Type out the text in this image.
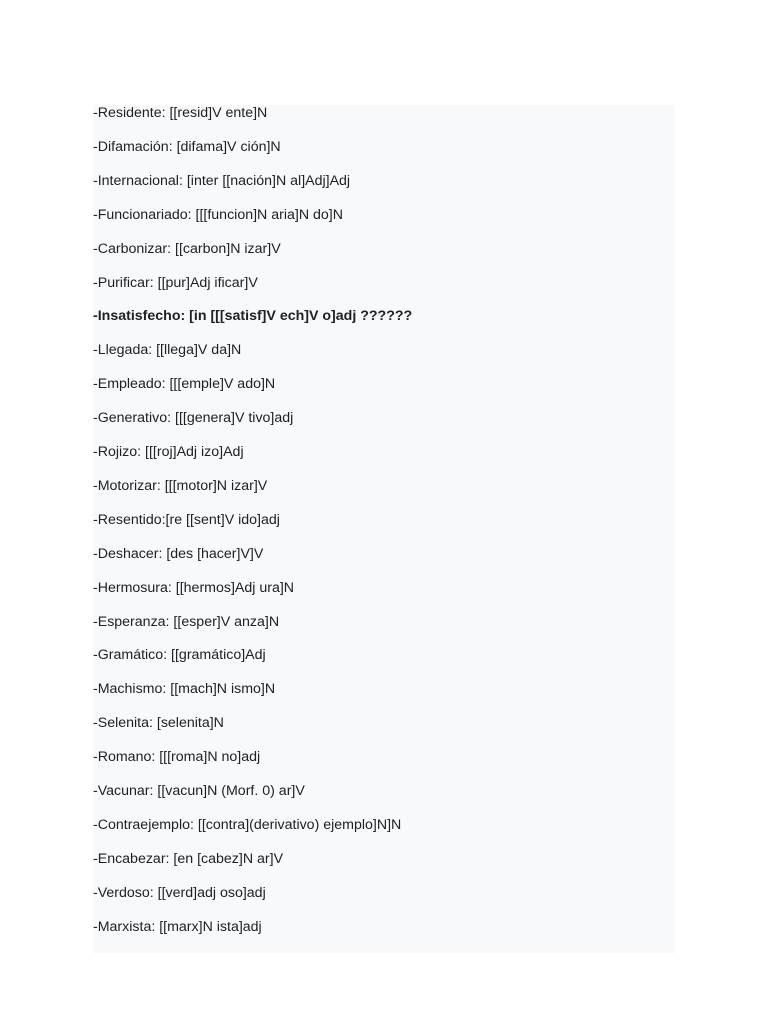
-Residente: [[resid]V ente]N
-Difamación: [difama]V ción]N
-Internacional: [inter [[nación]N al]Adj]Adj
-Funcionariado: [[[funcion]N aria]N do]N
-Carbonizar: [[carbon]N izar]V
-Purificar: [[pur]Adj ificar]V
-Insatisfecho: [in [[[satisf]V ech]V o]adj ??????
-Llegada: [[llega]V da]N
-Empleado: [[[emple]V ado]N
-Generativo: [[[genera]V tivo]adj
-Rojizo: [[[roj]Adj izo]Adj
-Motorizar: [[[motor]N izar]V
-Resentido:[re [[sent]V ido]adj
-Deshacer: [des [hacer]V]V
-Hermosura: [[hermos]Adj ura]N
-Esperanza: [[esper]V anza]N
-Gramático: [[gramático]Adj
-Machismo: [[mach]N ismo]N
-Selenita: [selenita]N
-Romano: [[[roma]N no]adj
-Vacunar: [[vacun]N (Morf. 0) ar]V
-Contraejemplo: [[contra](derivativo) ejemplo]N]N
-Encabezar: [en [cabez]N ar]V
-Verdoso: [[verd]adj oso]adj
-Marxista: [[marx]N ista]adj
